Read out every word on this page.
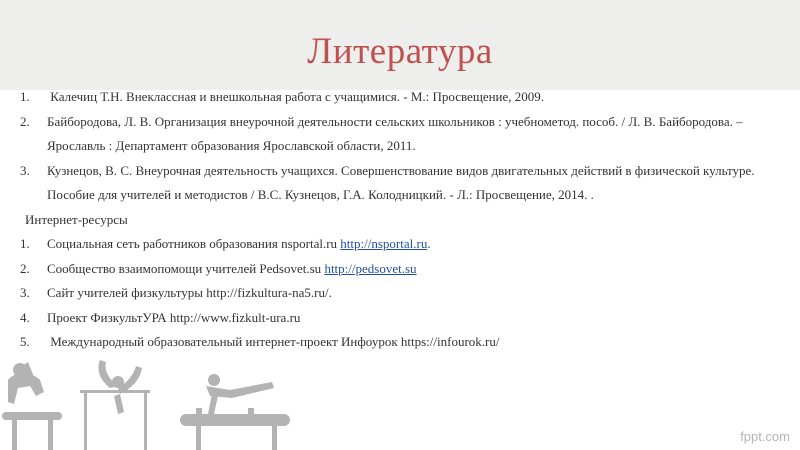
Литература
1.	Калечиц Т.Н. Внеклассная и внешкольная работа с учащимися. - М.: Просвещение, 2009.
2.	Байбородова, Л. В. Организация внеурочной деятельности сельских школьников : учебнометод. пособ. / Л. В. Байбородова. –
Ярославль : Департамент образования Ярославской области, 2011.
3.	Кузнецов, В. С. Внеурочная деятельность учащихся. Совершенствование видов двигательных действий в физической культуре.
Пособие для учителей и методистов / В.С. Кузнецов, Г.А. Колодницкий. - Л.: Просвещение, 2014. .
Интернет-ресурсы
1.	Социальная сеть работников образования nsportal.ru http://nsportal.ru.
2.	Сообщество взаимопомощи учителей Pedsovet.su http://pedsovet.su
3.	Сайт учителей физкультуры http://fizkultura-na5.ru/.
4.	Проект ФизкультУРА http://www.fizkult-ura.ru
5.	Международный образовательный интернет-проект Инфоурок https://infourok.ru/
fppt.com
